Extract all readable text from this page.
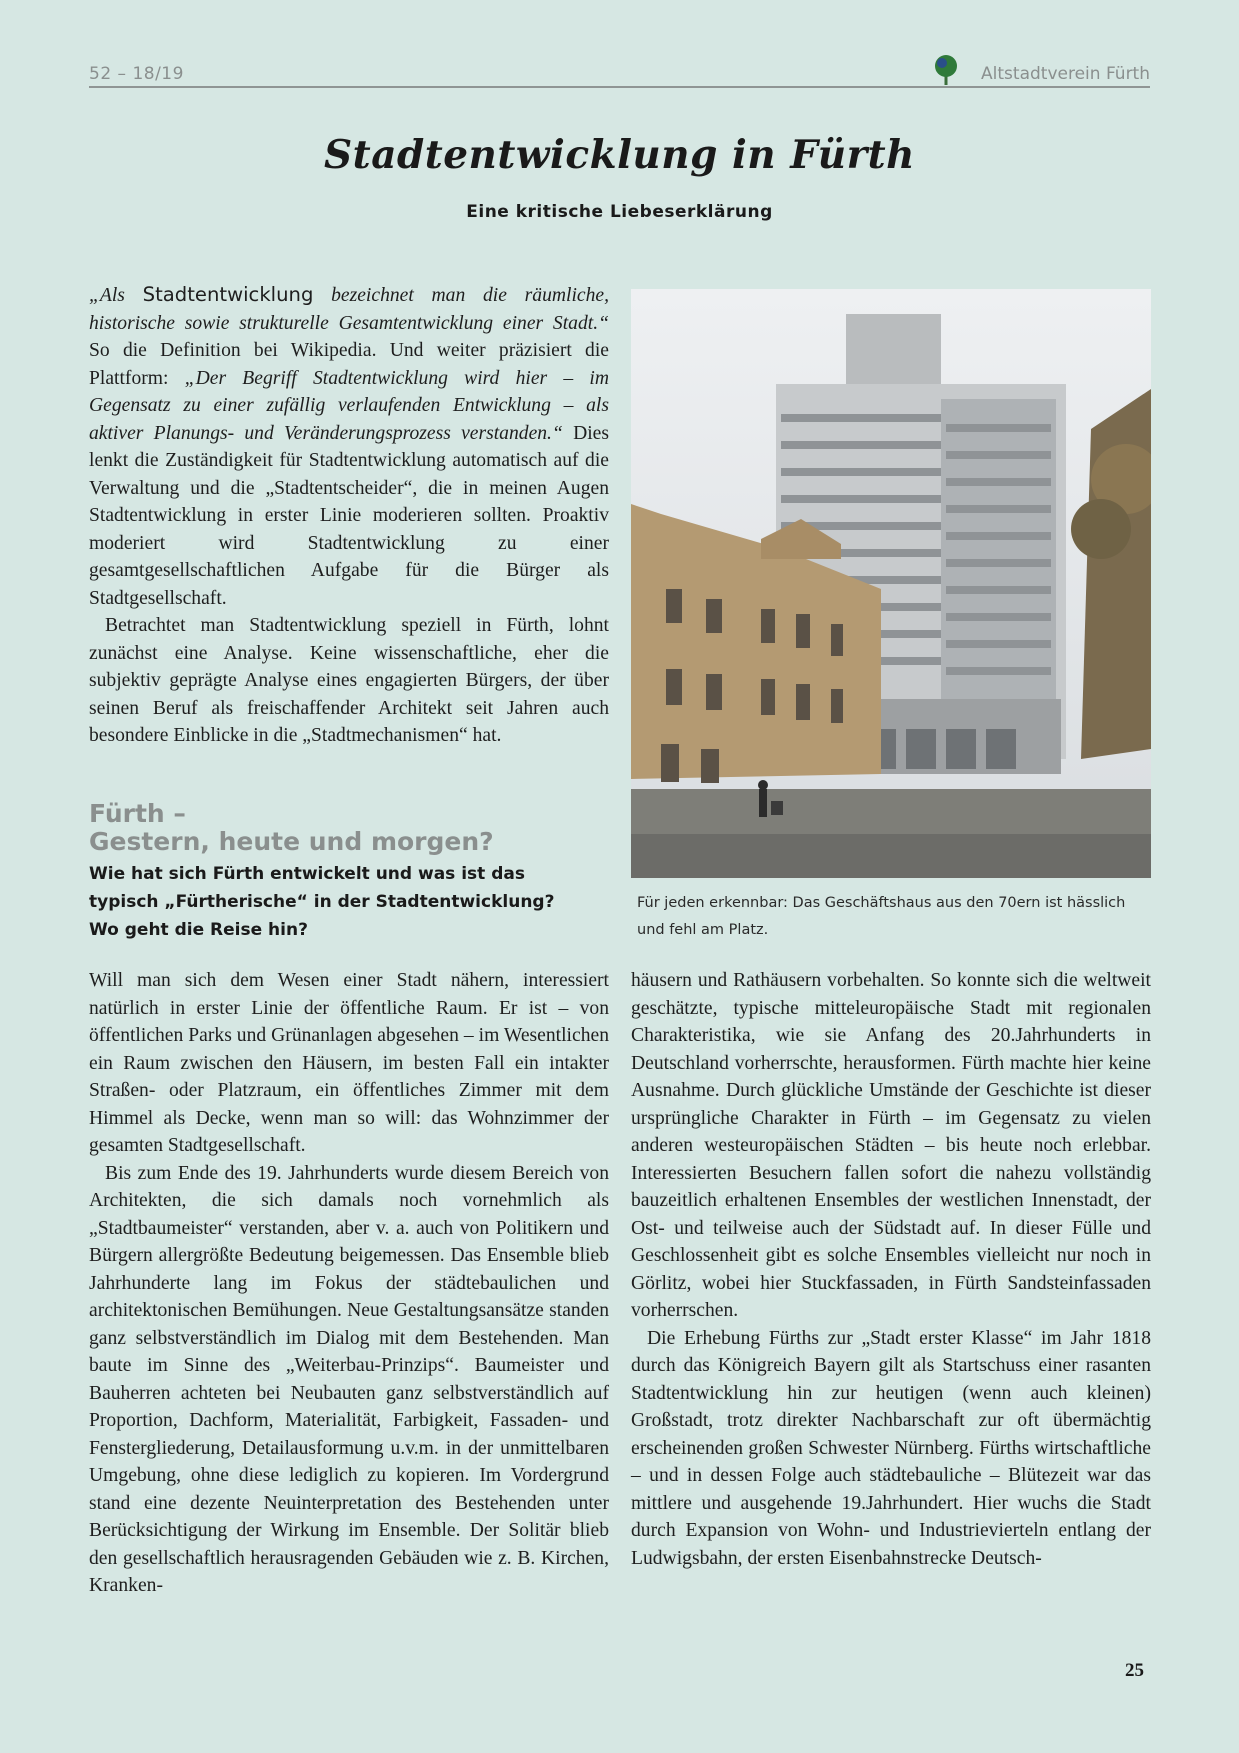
52 – 18/19	Altstadtverein Fürth
Stadtentwicklung in Fürth
Eine kritische Liebeserklärung

„Als Stadtentwicklung bezeichnet man die räumliche, historische sowie strukturelle Gesamtentwicklung einer Stadt.“ So die Definition bei Wikipedia. Und weiter präzisiert die Plattform: „Der Begriff Stadtentwicklung wird hier – im Gegensatz zu einer zufällig verlaufenden Entwicklung – als aktiver Planungs- und Veränderungsprozess verstanden.“ Dies lenkt die Zuständigkeit für Stadtentwicklung automatisch auf die Verwaltung und die „Stadtentscheider“, die in meinen Augen Stadtentwicklung in erster Linie moderieren sollten. Proaktiv moderiert wird Stadtentwicklung zu einer gesamtgesellschaftlichen Aufgabe für die Bürger als Stadtgesellschaft.

Betrachtet man Stadtentwicklung speziell in Fürth, lohnt zunächst eine Analyse. Keine wissenschaftliche, eher die subjektiv geprägte Analyse eines engagierten Bürgers, der über seinen Beruf als freischaffender Architekt seit Jahren auch besondere Einblicke in die „Stadtmechanismen“ hat.

Für jeden erkennbar: Das Geschäftshaus aus den 70ern ist hässlich und fehl am Platz.
Fürth –
Gestern, heute und morgen?
Wie hat sich Fürth entwickelt und was ist das
typisch „Fürtherische“ in der Stadtentwicklung?
Wo geht die Reise hin?

Will man sich dem Wesen einer Stadt nähern, interessiert natürlich in erster Linie der öffentliche Raum. Er ist – von öffentlichen Parks und Grünanlagen abgesehen – im Wesentlichen ein Raum zwischen den Häusern, im besten Fall ein intakter Straßen- oder Platzraum, ein öffentliches Zimmer mit dem Himmel als Decke, wenn man so will: das Wohnzimmer der gesamten Stadtgesellschaft.

Bis zum Ende des 19. Jahrhunderts wurde diesem Bereich von Architekten, die sich damals noch vornehmlich als „Stadtbaumeister“ verstanden, aber v. a. auch von Politikern und Bürgern allergrößte Bedeutung beigemessen. Das Ensemble blieb Jahrhunderte lang im Fokus der städtebaulichen und architektonischen Bemühungen. Neue Gestaltungsansätze standen ganz selbstverständlich im Dialog mit dem Bestehenden. Man baute im Sinne des „Weiterbau-Prinzips“. Baumeister und Bauherren achteten bei Neubauten ganz selbstverständlich auf Proportion, Dachform, Materialität, Farbigkeit, Fassaden- und Fenstergliederung, Detailausformung u.v.m. in der unmittelbaren Umgebung, ohne diese lediglich zu kopieren. Im Vordergrund stand eine dezente Neuinterpretation des Bestehenden unter Berücksichtigung der Wirkung im Ensemble. Der Solitär blieb den gesellschaftlich herausragenden Gebäuden wie z. B. Kirchen, Kranken-

häusern und Rathäusern vorbehalten. So konnte sich die weltweit geschätzte, typische mitteleuropäische Stadt mit regionalen Charakteristika, wie sie Anfang des 20.Jahrhunderts in Deutschland vorherrschte, herausformen. Fürth machte hier keine Ausnahme. Durch glückliche Umstände der Geschichte ist dieser ursprüngliche Charakter in Fürth – im Gegensatz zu vielen anderen westeuropäischen Städten – bis heute noch erlebbar. Interessierten Besuchern fallen sofort die nahezu vollständig bauzeitlich erhaltenen Ensembles der westlichen Innenstadt, der Ost- und teilweise auch der Südstadt auf. In dieser Fülle und Geschlossenheit gibt es solche Ensembles vielleicht nur noch in Görlitz, wobei hier Stuckfassaden, in Fürth Sandsteinfassaden vorherrschen.

Die Erhebung Fürths zur „Stadt erster Klasse“ im Jahr 1818 durch das Königreich Bayern gilt als Startschuss einer rasanten Stadtentwicklung hin zur heutigen (wenn auch kleinen) Großstadt, trotz direkter Nachbarschaft zur oft übermächtig erscheinenden großen Schwester Nürnberg. Fürths wirtschaftliche – und in dessen Folge auch städtebauliche – Blütezeit war das mittlere und ausgehende 19.Jahrhundert. Hier wuchs die Stadt durch Expansion von Wohn- und Industrievierteln entlang der Ludwigsbahn, der ersten Eisenbahnstrecke Deutsch-

25
